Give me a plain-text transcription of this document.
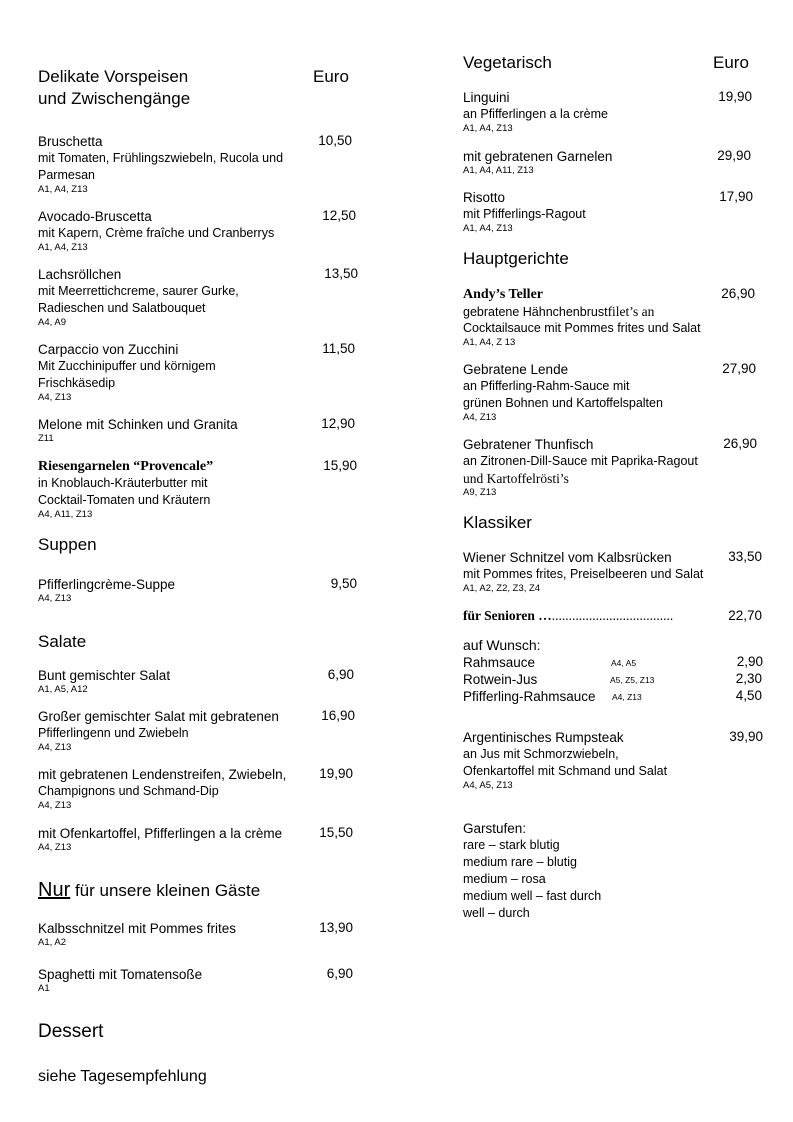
Delikate Vorspeisen
und Zwischengänge
Euro
Bruschetta	10,50
mit Tomaten, Frühlingszwiebeln, Rucola und
Parmesan
A1, A4, Z13
Avocado-Bruscetta	12,50
mit Kapern, Crème fraîche und Cranberrys
A1, A4, Z13
Lachsröllchen	13,50
mit Meerrettichcreme, saurer Gurke,
Radieschen und Salatbouquet
A4, A9
Carpaccio von Zucchini	11,50
Mit Zucchinipuffer und körnigem
Frischkäsedip
A4, Z13
Melone mit Schinken und Granita	12,90
Z11
Riesengarnelen “Provencale”	15,90
in Knoblauch-Kräuterbutter mit
Cocktail-Tomaten und Kräutern
A4, A11, Z13
Suppen
Pfifferlingcrème-Suppe	9,50
A4, Z13
Salate
Bunt gemischter Salat	6,90
A1, A5, A12
Großer gemischter Salat mit gebratenen	16,90
Pfifferlingenn und Zwiebeln
A4, Z13
mit gebratenen Lendenstreifen, Zwiebeln,	19,90
Champignons und Schmand-Dip
A4, Z13
mit Ofenkartoffel, Pfifferlingen a la crème	15,50
A4, Z13
Nur für unsere kleinen Gäste
Kalbsschnitzel mit Pommes frites	13,90
A1, A2
Spaghetti mit Tomatensoße	6,90
A1
Dessert
siehe Tagesempfehlung
Vegetarisch	Euro
Linguini	19,90
an Pfifferlingen a la crème
A1, A4, Z13
mit gebratenen Garnelen	29,90
A1, A4, A11, Z13
Risotto	17,90
mit Pfifferlings-Ragout
A1, A4, Z13
Hauptgerichte
Andy’s Teller	26,90
gebratene Hähnchenbrustfilet’s an
Cocktailsauce mit Pommes frites und Salat
A1, A4, Z 13
Gebratene Lende	27,90
an Pfifferling-Rahm-Sauce mit
grünen Bohnen und Kartoffelspalten
A4, Z13
Gebratener Thunfisch	26,90
an Zitronen-Dill-Sauce mit Paprika-Ragout
und Kartoffelrösti’s
A9, Z13
Klassiker
Wiener Schnitzel vom Kalbsrücken	33,50
mit Pommes frites, Preiselbeeren und Salat
A1, A2, Z2, Z3, Z4
für Senioren …....................................	22,70
auf Wunsch:
Rahmsauce	A4, A5	2,90
Rotwein-Jus	A5, Z5, Z13	2,30
Pfifferling-Rahmsauce A4, Z13	4,50
Argentinisches Rumpsteak	39,90
an Jus mit Schmorzwiebeln,
Ofenkartoffel mit Schmand und Salat
A4, A5, Z13
Garstufen:
rare – stark blutig
medium rare – blutig
medium – rosa
medium well – fast durch
well – durch
